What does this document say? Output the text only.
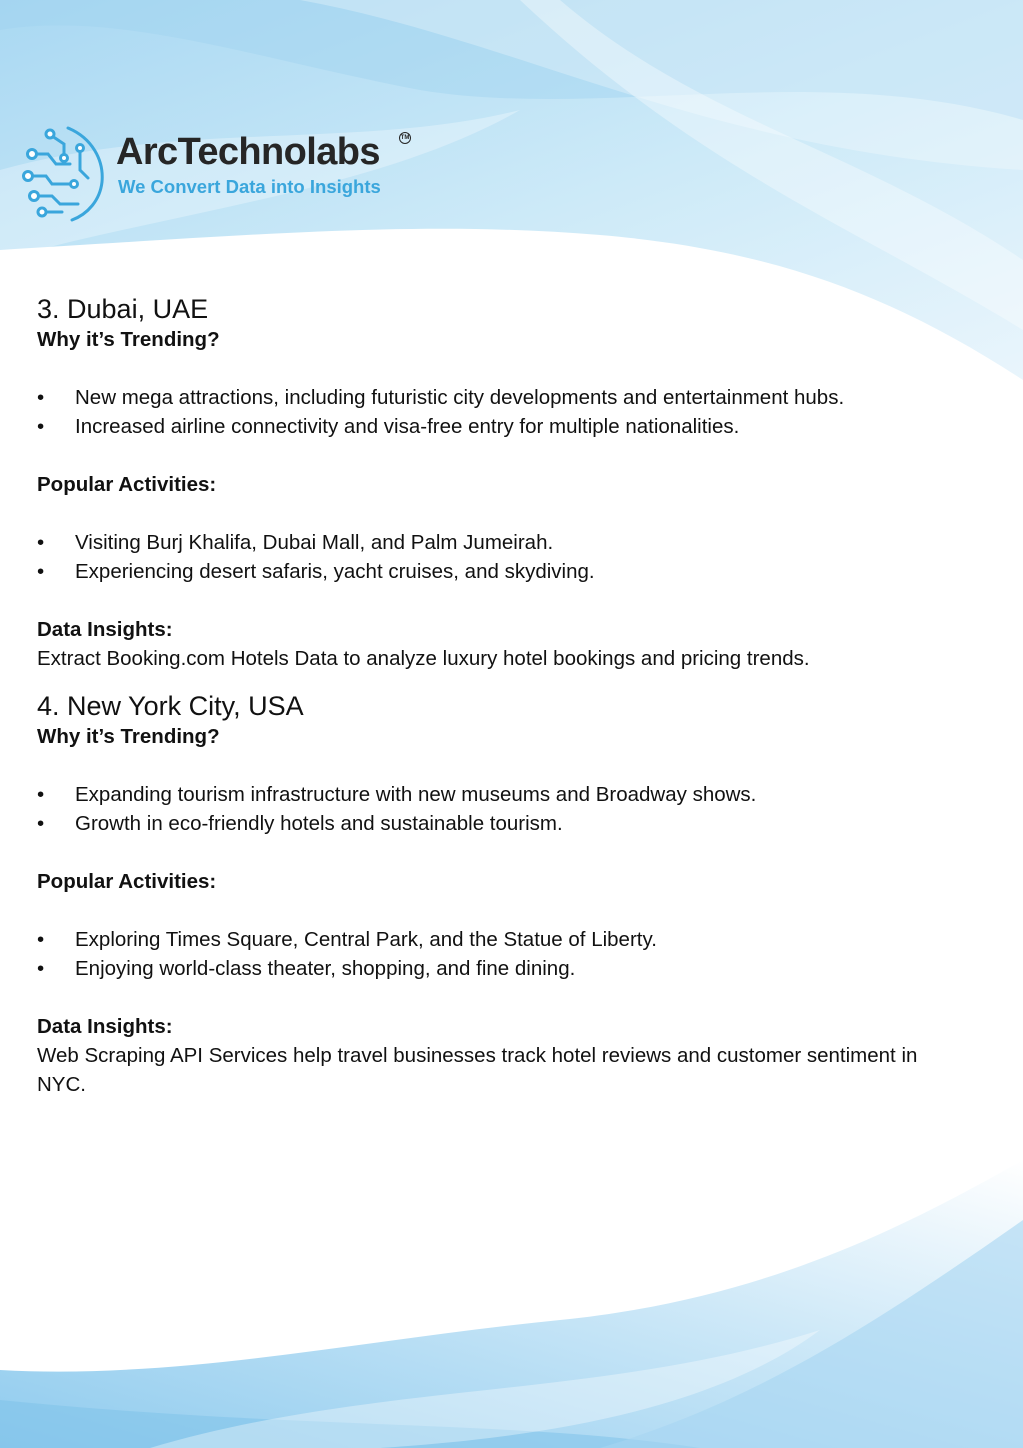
ArcTechnolabs	TM
We Convert Data into Insights
3. Dubai, UAE

Why it’s Trending?

• New mega attractions, including futuristic city developments and entertainment hubs.
• Increased airline connectivity and visa-free entry for multiple nationalities.

Popular Activities:

• Visiting Burj Khalifa, Dubai Mall, and Palm Jumeirah.
• Experiencing desert safaris, yacht cruises, and skydiving.

Data Insights:

Extract Booking.com Hotels Data to analyze luxury hotel bookings and pricing trends.

4. New York City, USA

Why it’s Trending?

• Expanding tourism infrastructure with new museums and Broadway shows.
• Growth in eco-friendly hotels and sustainable tourism.

Popular Activities:

• Exploring Times Square, Central Park, and the Statue of Liberty.
• Enjoying world-class theater, shopping, and fine dining.

Data Insights:

Web Scraping API Services help travel businesses track hotel reviews and customer sentiment in NYC.
